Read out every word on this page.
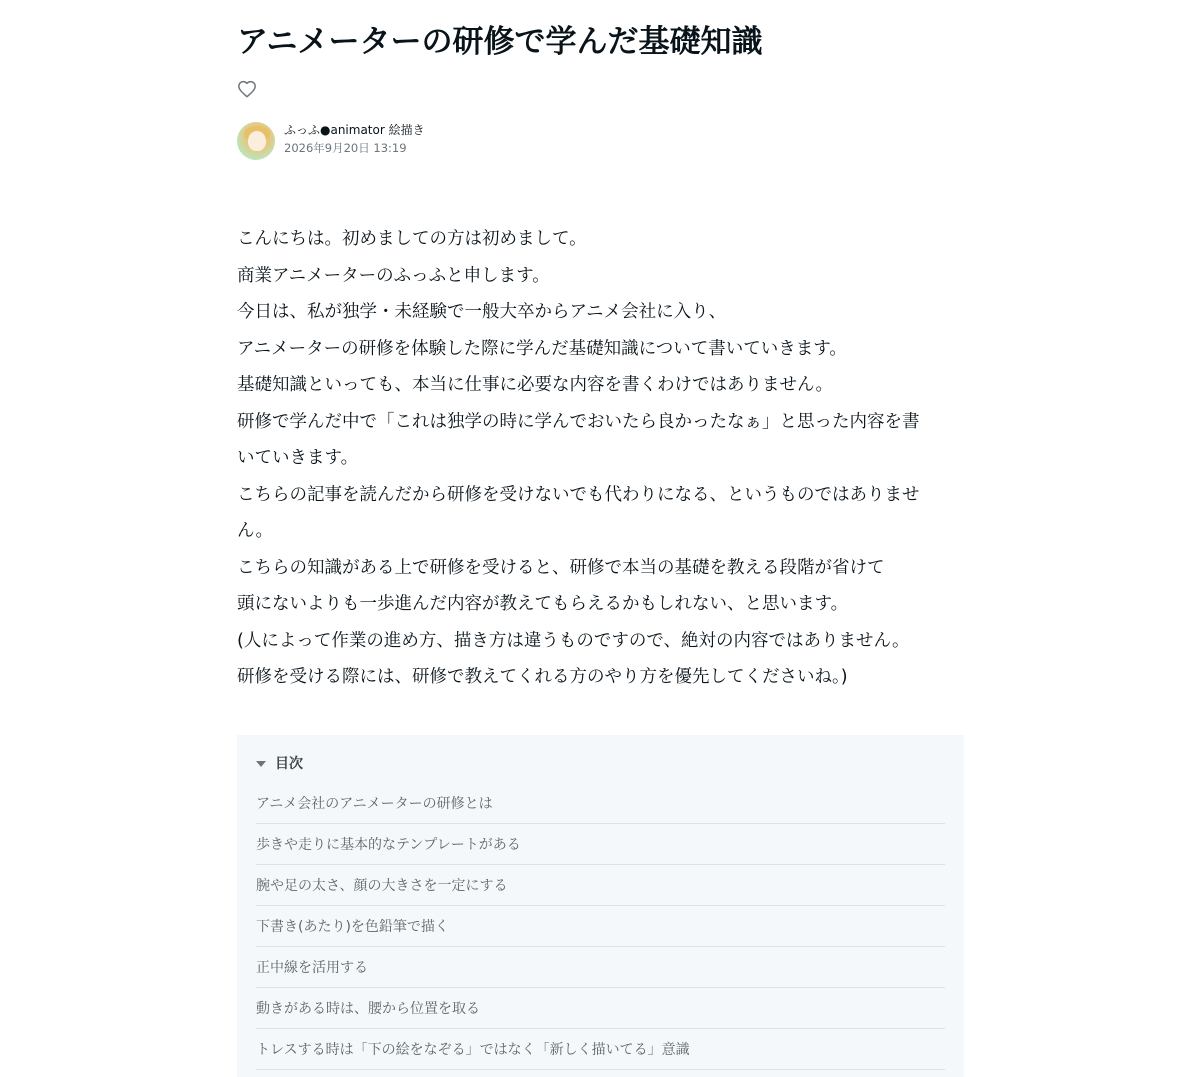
アニメーターの研修で学んだ基礎知識
ふっふ●animator 絵描き
2026年9月20日 13:19

こんにちは。初めましての方は初めまして。

商業アニメーターのふっふと申します。

今日は、私が独学・未経験で一般大卒からアニメ会社に入り、

アニメーターの研修を体験した際に学んだ基礎知識について書いていきます。

基礎知識といっても、本当に仕事に必要な内容を書くわけではありません。

研修で学んだ中で「これは独学の時に学んでおいたら良かったなぁ」と思った内容を書

いていきます。

こちらの記事を読んだから研修を受けないでも代わりになる、というものではありませ

ん。

こちらの知識がある上で研修を受けると、研修で本当の基礎を教える段階が省けて

頭にないよりも一歩進んだ内容が教えてもらえるかもしれない、と思います。

(人によって作業の進め方、描き方は違うものですので、絶対の内容ではありません。

研修を受ける際には、研修で教えてくれる方のやり方を優先してくださいね。)

目次
アニメ会社のアニメーターの研修とは
歩きや走りに基本的なテンプレートがある
腕や足の太さ、顔の大きさを一定にする
下書き(あたり)を色鉛筆で描く
正中線を活用する
動きがある時は、腰から位置を取る
トレスする時は「下の絵をなぞる」ではなく「新しく描いてる」意識
